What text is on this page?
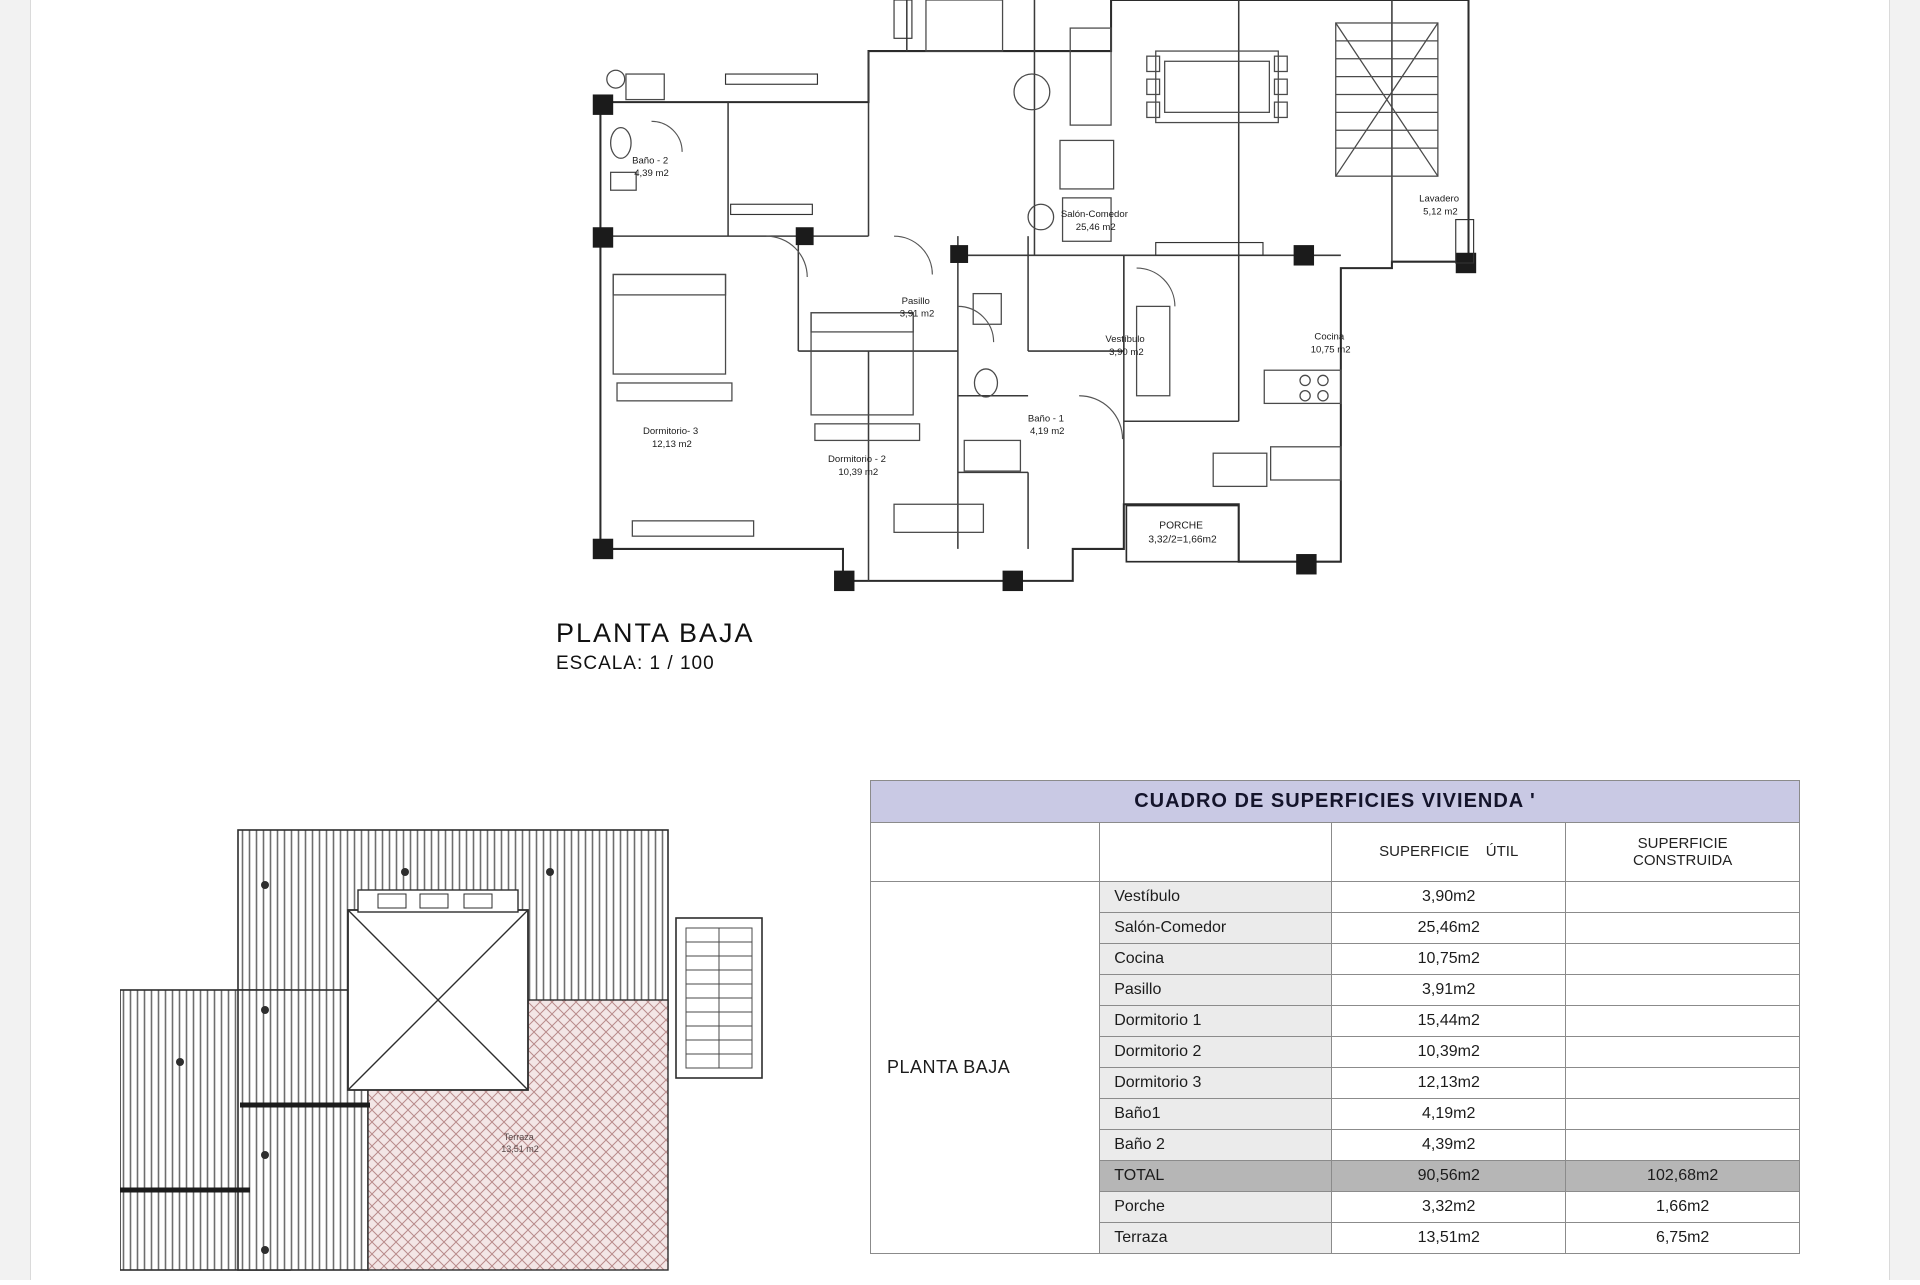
Baño - 2 4,39 m2
Salón-Comedor 25,46 m2
Lavadero 5,12 m2
Pasillo 3,91 m2
Vestíbulo 3,90 m2
Cocina 10,75 m2
Dormitorio- 3 12,13 m2
Dormitorio - 2 10,39 m2
Baño - 1 4,19 m2
PORCHE 3,32/2=1,66m2
PLANTA BAJA
ESCALA: 1 / 100
Terraza 13,51 m2
CUADRO DE SUPERFICIES VIVIENDA '			
		SUPERFICIE ÚTIL	SUPERFICIE
CONSTRUIDA
PLANTA BAJA	Vestíbulo	3,90m2	
	Salón-Comedor	25,46m2	
	Cocina	10,75m2	
	Pasillo	3,91m2	
	Dormitorio 1	15,44m2	
	Dormitorio 2	10,39m2	
	Dormitorio 3	12,13m2	
	Baño1	4,19m2	
	Baño 2	4,39m2	
	TOTAL	90,56m2	102,68m2
	Porche	3,32m2	1,66m2
	Terraza	13,51m2	6,75m2
